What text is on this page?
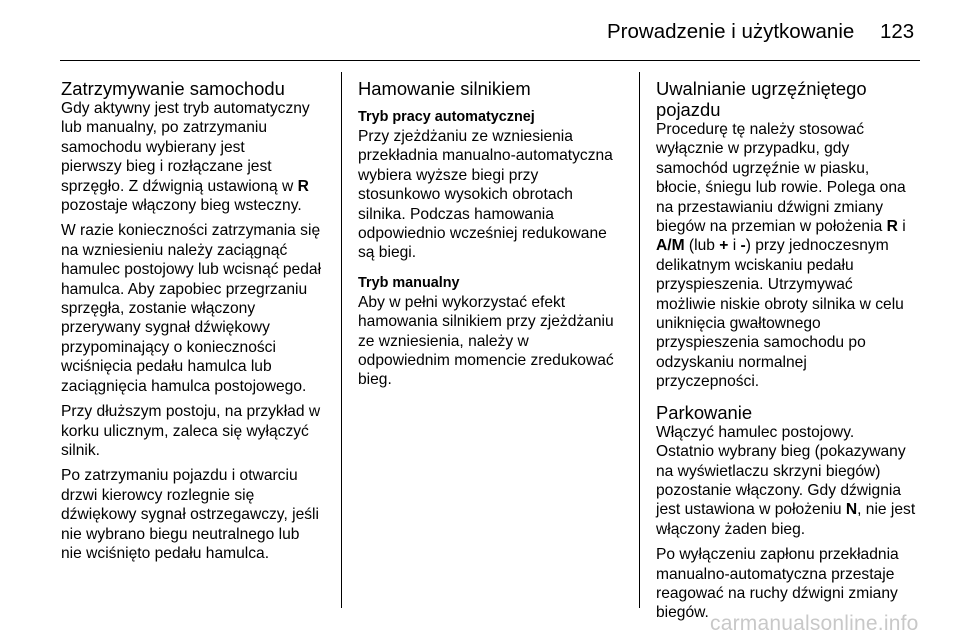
Prowadzenie i użytkowanie 123
Zatrzymywanie samochodu

Gdy aktywny jest tryb automatyczny
lub manualny, po zatrzymaniu
samochodu wybierany jest
pierwszy bieg i rozłączane jest
sprzęgło. Z dźwignią ustawioną w R
pozostaje włączony bieg wsteczny.

W razie konieczności zatrzymania się
na wzniesieniu należy zaciągnąć
hamulec postojowy lub wcisnąć pedał
hamulca. Aby zapobiec przegrzaniu
sprzęgła, zostanie włączony
przerywany sygnał dźwiękowy
przypominający o konieczności
wciśnięcia pedału hamulca lub
zaciągnięcia hamulca postojowego.

Przy dłuższym postoju, na przykład w
korku ulicznym, zaleca się wyłączyć
silnik.

Po zatrzymaniu pojazdu i otwarciu
drzwi kierowcy rozlegnie się
dźwiękowy sygnał ostrzegawczy, jeśli
nie wybrano biegu neutralnego lub
nie wciśnięto pedału hamulca.

Hamowanie silnikiem
Tryb pracy automatycznej

Przy zjeżdżaniu ze wzniesienia
przekładnia manualno-automatyczna
wybiera wyższe biegi przy
stosunkowo wysokich obrotach
silnika. Podczas hamowania
odpowiednio wcześniej redukowane
są biegi.

Tryb manualny

Aby w pełni wykorzystać efekt
hamowania silnikiem przy zjeżdżaniu
ze wzniesienia, należy w
odpowiednim momencie zredukować
bieg.

Uwalnianie ugrzęźniętego
pojazdu

Procedurę tę należy stosować
wyłącznie w przypadku, gdy
samochód ugrzęźnie w piasku,
błocie, śniegu lub rowie. Polega ona
na przestawianiu dźwigni zmiany
biegów na przemian w położenia R i
A/M (lub + i -) przy jednoczesnym
delikatnym wciskaniu pedału
przyspieszenia. Utrzymywać
możliwie niskie obroty silnika w celu
uniknięcia gwałtownego
przyspieszenia samochodu po
odzyskaniu normalnej
przyczepności.

Parkowanie

Włączyć hamulec postojowy.

Ostatnio wybrany bieg (pokazywany
na wyświetlaczu skrzyni biegów)
pozostanie włączony. Gdy dźwignia
jest ustawiona w położeniu N, nie jest
włączony żaden bieg.

Po wyłączeniu zapłonu przekładnia
manualno-automatyczna przestaje
reagować na ruchy dźwigni zmiany
biegów. carmanualsonline.info
